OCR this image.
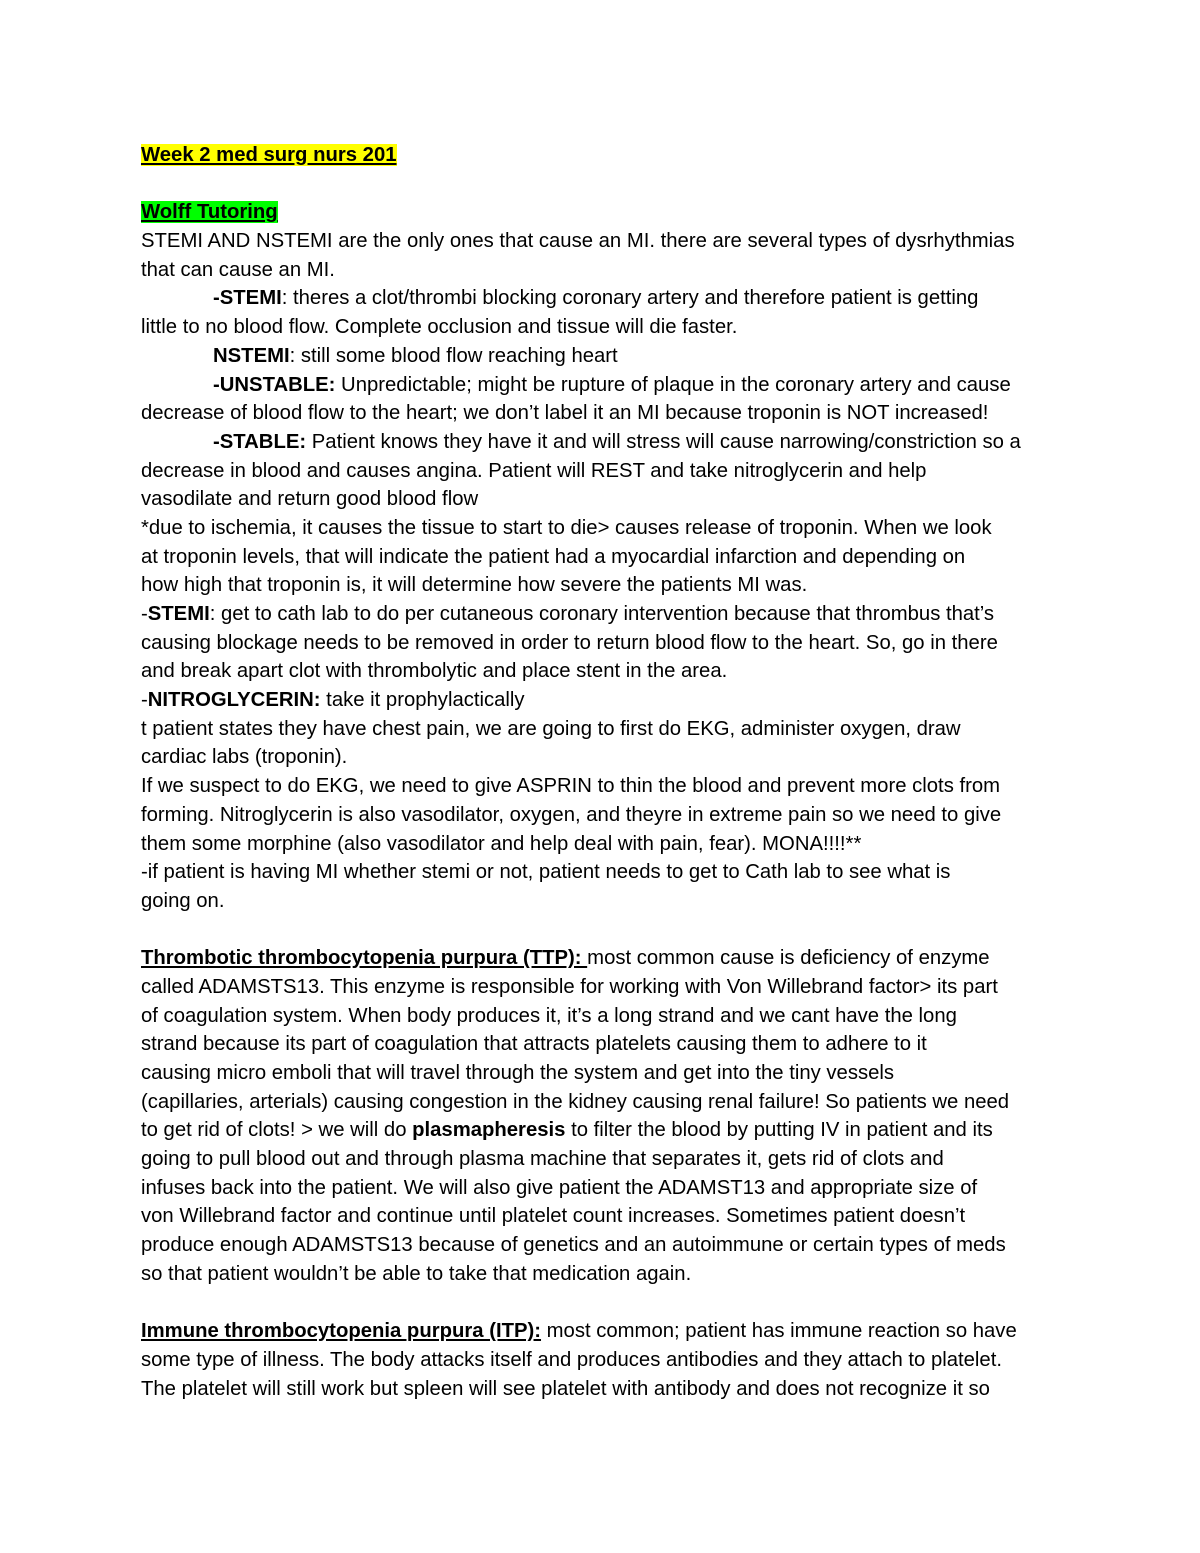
Week 2 med surg nurs 201
Wolff Tutoring
STEMI AND NSTEMI are the only ones that cause an MI. there are several types of dysrhythmias
that can cause an MI.
-STEMI: theres a clot/thrombi blocking coronary artery and therefore patient is getting
little to no blood flow. Complete occlusion and tissue will die faster.
NSTEMI: still some blood flow reaching heart
-UNSTABLE: Unpredictable; might be rupture of plaque in the coronary artery and cause
decrease of blood flow to the heart; we don’t label it an MI because troponin is NOT increased!
-STABLE: Patient knows they have it and will stress will cause narrowing/constriction so a
decrease in blood and causes angina. Patient will REST and take nitroglycerin and help
vasodilate and return good blood flow
*due to ischemia, it causes the tissue to start to die> causes release of troponin. When we look
at troponin levels, that will indicate the patient had a myocardial infarction and depending on
how high that troponin is, it will determine how severe the patients MI was.
-STEMI: get to cath lab to do per cutaneous coronary intervention because that thrombus that’s
causing blockage needs to be removed in order to return blood flow to the heart. So, go in there
and break apart clot with thrombolytic and place stent in the area.
-NITROGLYCERIN: take it prophylactically
t patient states they have chest pain, we are going to first do EKG, administer oxygen, draw
cardiac labs (troponin).
If we suspect to do EKG, we need to give ASPRIN to thin the blood and prevent more clots from
forming. Nitroglycerin is also vasodilator, oxygen, and theyre in extreme pain so we need to give
them some morphine (also vasodilator and help deal with pain, fear). MONA!!!!**
-if patient is having MI whether stemi or not, patient needs to get to Cath lab to see what is
going on.
Thrombotic thrombocytopenia purpura (TTP): most common cause is deficiency of enzyme
called ADAMSTS13. This enzyme is responsible for working with Von Willebrand factor> its part
of coagulation system. When body produces it, it’s a long strand and we cant have the long
strand because its part of coagulation that attracts platelets causing them to adhere to it
causing micro emboli that will travel through the system and get into the tiny vessels
(capillaries, arterials) causing congestion in the kidney causing renal failure! So patients we need
to get rid of clots! > we will do plasmapheresis to filter the blood by putting IV in patient and its
going to pull blood out and through plasma machine that separates it, gets rid of clots and
infuses back into the patient. We will also give patient the ADAMST13 and appropriate size of
von Willebrand factor and continue until platelet count increases. Sometimes patient doesn’t
produce enough ADAMSTS13 because of genetics and an autoimmune or certain types of meds
so that patient wouldn’t be able to take that medication again.
Immune thrombocytopenia purpura (ITP): most common; patient has immune reaction so have
some type of illness. The body attacks itself and produces antibodies and they attach to platelet.
The platelet will still work but spleen will see platelet with antibody and does not recognize it so
